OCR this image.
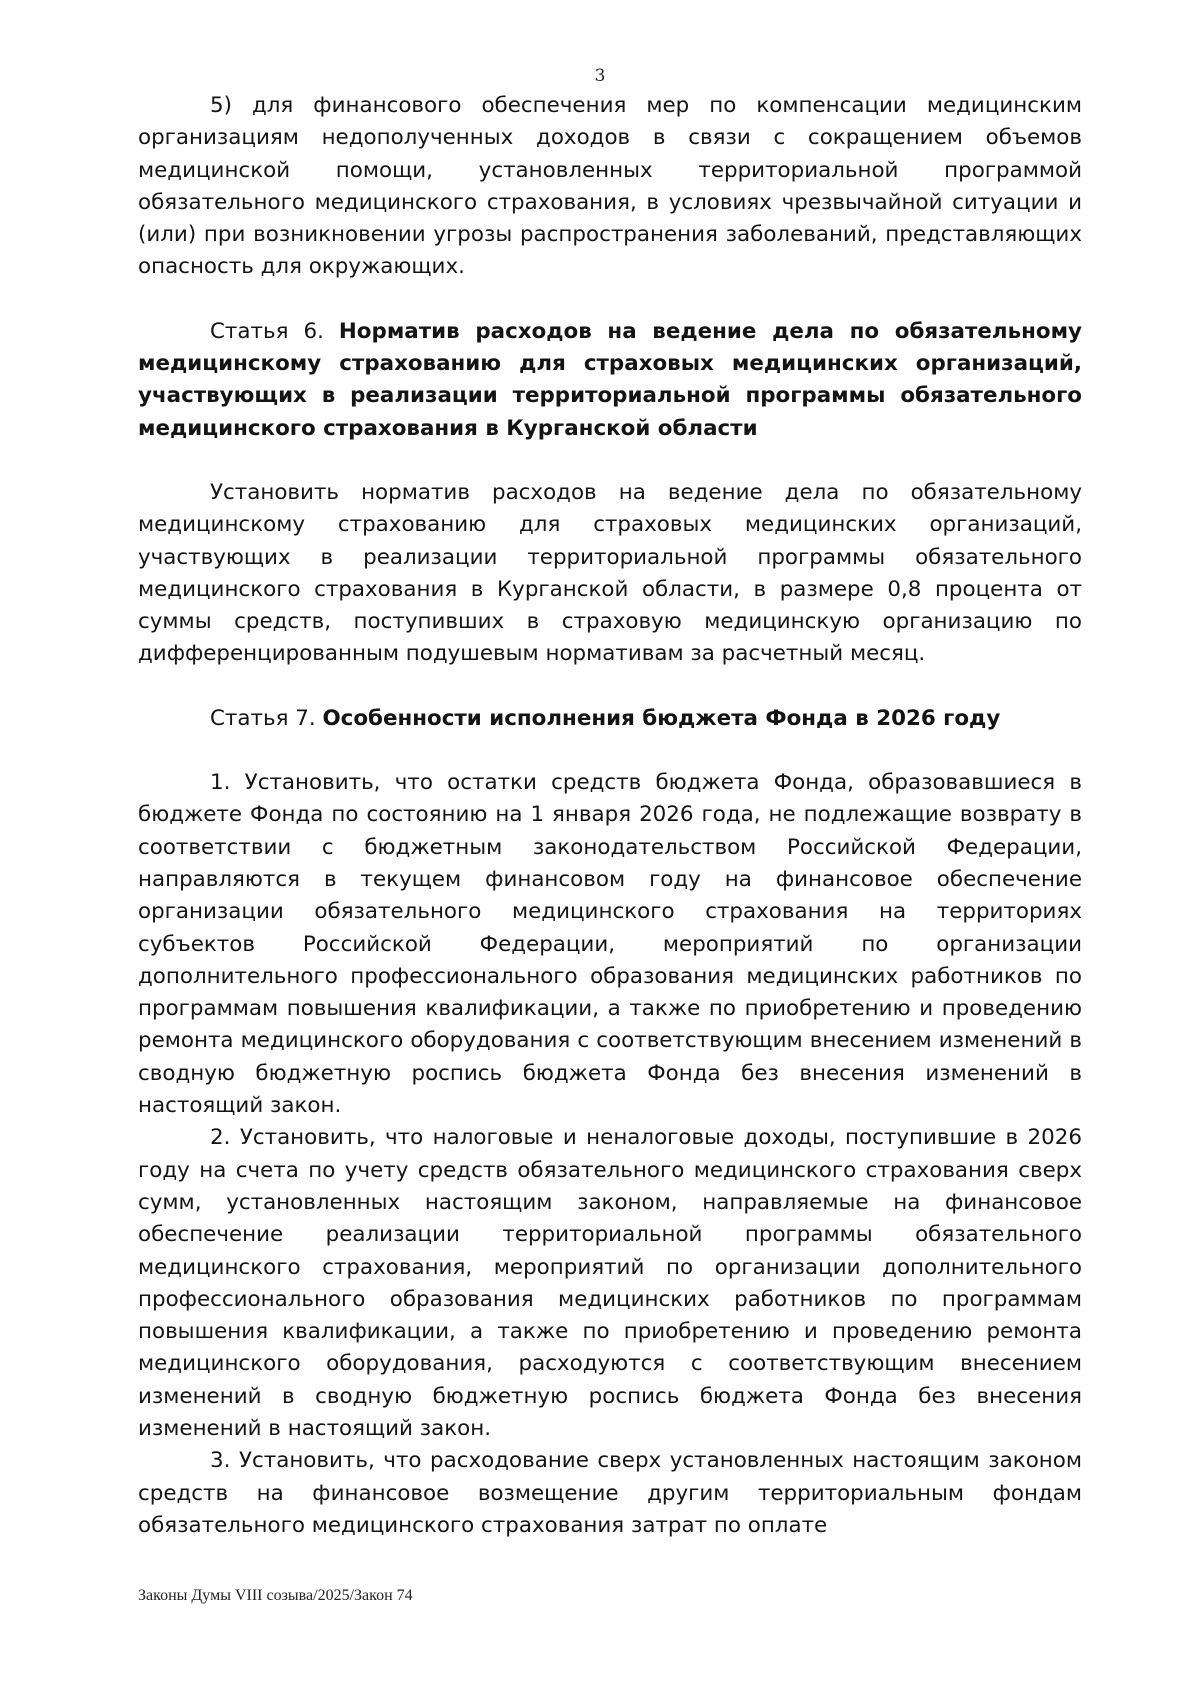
3

5) для финансового обеспечения мер по компенсации медицинским организациям недополученных доходов в связи с сокращением объемов медицинской помощи, установленных территориальной программой обязательного медицинского страхования, в условиях чрезвычайной ситуации и (или) при возникновении угрозы распространения заболеваний, представляющих опасность для окружающих.

Статья 6. Норматив расходов на ведение дела по обязательному медицинскому страхованию для страховых медицинских организаций, участвующих в реализации территориальной программы обязательного медицинского страхования в Курганской области

Установить норматив расходов на ведение дела по обязательному медицинскому страхованию для страховых медицинских организаций, участвующих в реализации территориальной программы обязательного медицинского страхования в Курганской области, в размере 0,8 процента от суммы средств, поступивших в страховую медицинскую организацию по дифференцированным подушевым нормативам за расчетный месяц.

Статья 7. Особенности исполнения бюджета Фонда в 2026 году

1. Установить, что остатки средств бюджета Фонда, образовавшиеся в бюджете Фонда по состоянию на 1 января 2026 года, не подлежащие возврату в соответствии с бюджетным законодательством Российской Федерации, направляются в текущем финансовом году на финансовое обеспечение организации обязательного медицинского страхования на территориях субъектов Российской Федерации, мероприятий по организации дополнительного профессионального образования медицинских работников по программам повышения квалификации, а также по приобретению и проведению ремонта медицинского оборудования с соответствующим внесением изменений в сводную бюджетную роспись бюджета Фонда без внесения изменений в настоящий закон.

2. Установить, что налоговые и неналоговые доходы, поступившие в 2026 году на счета по учету средств обязательного медицинского страхования сверх сумм, установленных настоящим законом, направляемые на финансовое обеспечение реализации территориальной программы обязательного медицинского страхования, мероприятий по организации дополнительного профессионального образования медицинских работников по программам повышения квалификации, а также по приобретению и проведению ремонта медицинского оборудования, расходуются с соответствующим внесением изменений в сводную бюджетную роспись бюджета Фонда без внесения изменений в настоящий закон.

3. Установить, что расходование сверх установленных настоящим законом средств на финансовое возмещение другим территориальным фондам обязательного медицинского страхования затрат по оплате

Законы Думы VIII созыва/2025/Закон 74
